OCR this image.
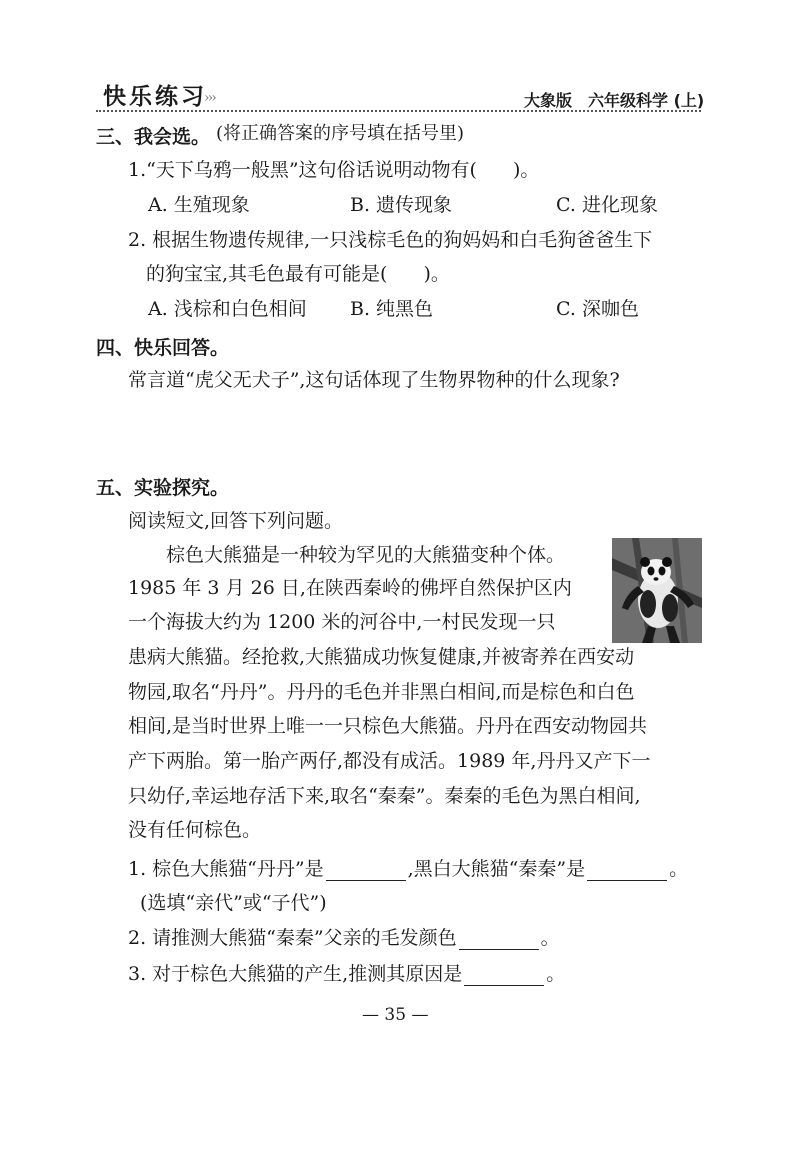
快乐练习
›››	大象版 六年级科学 (上)
三、我会选。 (将正确答案的序号填在括号里)
1.“天下乌鸦一般黑”这句俗话说明动物有( )。
A. 生殖现象	B. 遗传现象	C. 进化现象
2. 根据生物遗传规律,一只浅棕毛色的狗妈妈和白毛狗爸爸生下
的狗宝宝,其毛色最有可能是( )。
A. 浅棕和白色相间 B. 纯黑色	C. 深咖色
四、快乐回答。
常言道“虎父无犬子”,这句话体现了生物界物种的什么现象?
五、实验探究。
阅读短文,回答下列问题。
棕色大熊猫是一种较为罕见的大熊猫变种个体。
1985 年 3 月 26 日,在陕西秦岭的佛坪自然保护区内
一个海拔大约为 1200 米的河谷中,一村民发现一只
患病大熊猫。经抢救,大熊猫成功恢复健康,并被寄养在西安动
物园,取名“丹丹”。丹丹的毛色并非黑白相间,而是棕色和白色
相间,是当时世界上唯一一只棕色大熊猫。丹丹在西安动物园共
产下两胎。第一胎产两仔,都没有成活。1989 年,丹丹又产下一
只幼仔,幸运地存活下来,取名“秦秦”。秦秦的毛色为黑白相间,
没有任何棕色。
1. 棕色大熊猫“丹丹”是	,黑白大熊猫“秦秦”是	。
(选填“亲代”或“子代”)
2. 请推测大熊猫“秦秦”父亲的毛发颜色	。
3. 对于棕色大熊猫的产生,推测其原因是	。
— 35 —
